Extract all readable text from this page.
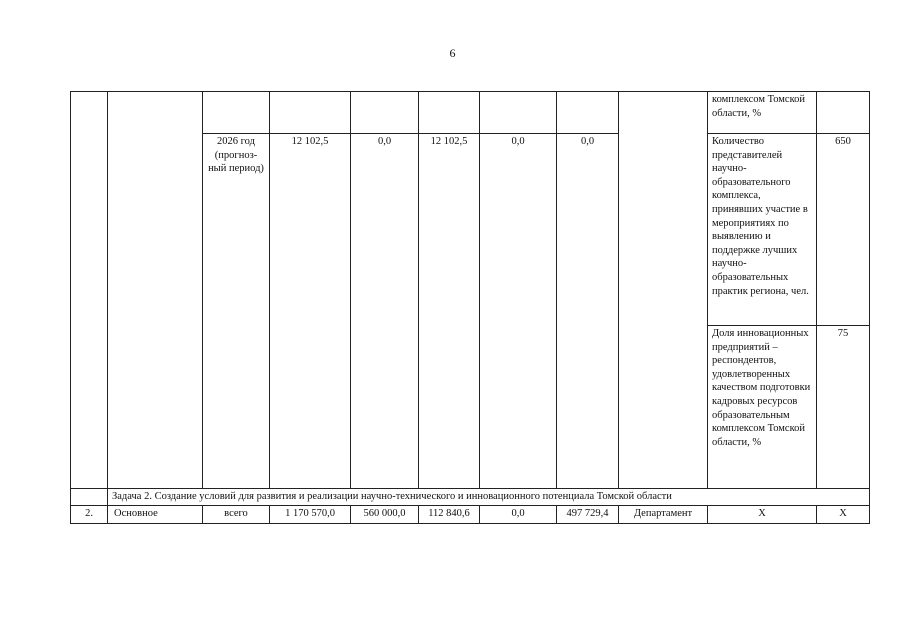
6
									комплексом Томской области, %	
		2026 год (прогноз-ный период)	12 102,5	0,0	12 102,5	0,0	0,0		Количество представителей научно-образовательного комплекса, принявших участие в мероприятиях по выявлению и поддержке лучших научно-образовательных практик региона, чел.	650
									Доля инновационных предприятий – респондентов, удовлетворенных качеством подготовки кадровых ресурсов образовательным комплексом Томской области, %	75
	Задача 2. Создание условий для развития и реализации научно-технического и инновационного потенциала Томской области									
2.	Основное	всего	1 170 570,0	560 000,0	112 840,6	0,0	497 729,4	Департамент	Х	Х
